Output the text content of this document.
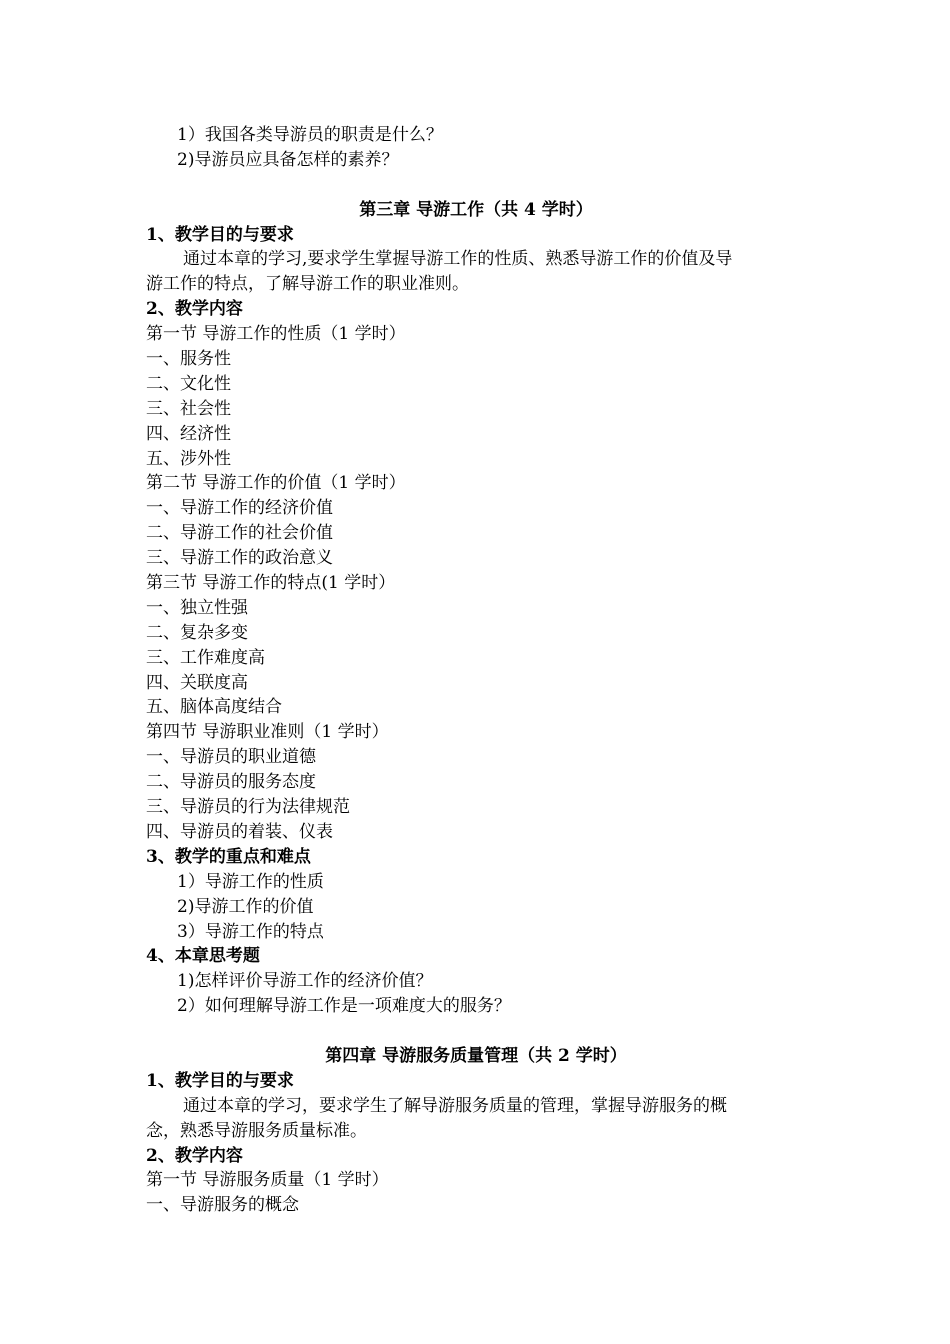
1）我国各类导游员的职责是什么？
2)导游员应具备怎样的素养？
第三章 导游工作（共 4 学时）
1、教学目的与要求
通过本章的学习,要求学生掌握导游工作的性质、熟悉导游工作的价值及导
游工作的特点，了解导游工作的职业准则。
2、教学内容
第一节 导游工作的性质（1 学时）
一、服务性
二、文化性
三、社会性
四、经济性
五、涉外性
第二节 导游工作的价值（1 学时）
一、导游工作的经济价值
二、导游工作的社会价值
三、导游工作的政治意义
第三节 导游工作的特点(1 学时）
一、独立性强
二、复杂多变
三、工作难度高
四、关联度高
五、脑体高度结合
第四节 导游职业准则（1 学时）
一、导游员的职业道德
二、导游员的服务态度
三、导游员的行为法律规范
四、导游员的着装、仪表
3、教学的重点和难点
1）导游工作的性质
2)导游工作的价值
3）导游工作的特点
4、本章思考题
1)怎样评价导游工作的经济价值？
2）如何理解导游工作是一项难度大的服务？
第四章 导游服务质量管理（共 2 学时）
1、教学目的与要求
通过本章的学习，要求学生了解导游服务质量的管理，掌握导游服务的概
念，熟悉导游服务质量标准。
2、教学内容
第一节 导游服务质量（1 学时）
一、导游服务的概念
